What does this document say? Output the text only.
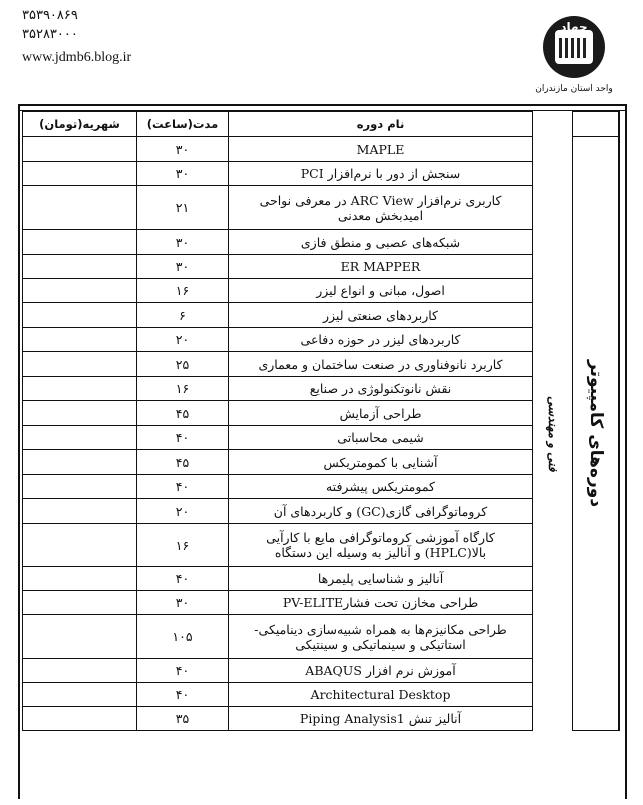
۳۵۳۹۰۸۶۹
۳۵۲۸۳۰۰۰
www.jdmb6.blog.ir
جهاد
واحد استان مازندران
		نام دوره	مدت(ساعت)	شهریه(تومان)

دوره‌های کامپیوتر	فنی و مهندسی	MAPLE	۳۰	
		سنجش از دور با نرم‌افزار PCI	۳۰	
		کاربری نرم‌افزار ARC View در معرفی نواحی امیدبخش معدنی	۲۱	
		شبکه‌های عصبی و منطق فازی	۳۰	
		ER MAPPER	۳۰	
		اصول، مبانی و انواع لیزر	۱۶	
		کاربردهای صنعتی لیزر	۶	
		کاربردهای لیزر در حوزه دفاعی	۲۰	
		کاربرد نانوفناوری در صنعت ساختمان و معماری	۲۵	
		نقش نانوتکنولوژی در صنایع	۱۶	
		طراحی آزمایش	۴۵	
		شیمی محاسباتی	۴۰	
		آشنایی با کمومتریکس	۴۵	
		کمومتریکس پیشرفته	۴۰	
		کروماتوگرافی گازی(GC) و کاربردهای آن	۲۰	
		کارگاه آموزشی کروماتوگرافی مایع با کارآیی بالا(HPLC) و آنالیز به وسیله این دستگاه	۱۶	
		آنالیز و شناسایی پلیمرها	۴۰	
		طراحی مخازن تحت فشارPV-ELITE	۳۰	
		طراحی مکانیزم‌ها به همراه شبیه‌سازی دینامیکی- استاتیکی و سینماتیکی و سینتیکی	۱۰۵	
		آموزش نرم افزار ABAQUS	۴۰	
		Architectural Desktop	۴۰	
		آنالیز تنش Piping Analysis1	۳۵	
